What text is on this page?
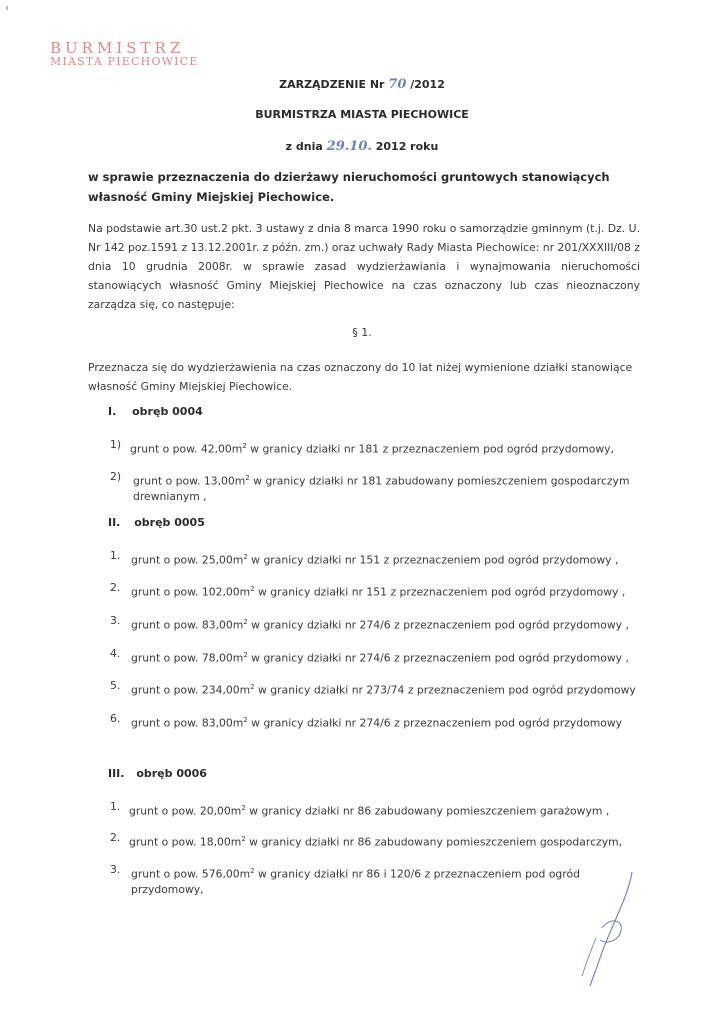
BURMISTRZ
MIASTA PIECHOWICE
ZARZĄDZENIE Nr 70 /2012
BURMISTRZA MIASTA PIECHOWICE
z dnia 29.10. 2012 roku
w sprawie przeznaczenia do dzierżawy nieruchomości gruntowych stanowiących własność Gminy Miejskiej Piechowice.
Na podstawie art.30 ust.2 pkt. 3 ustawy z dnia 8 marca 1990 roku o samorządzie gminnym (t.j. Dz. U. Nr 142 poz.1591 z 13.12.2001r. z późn. zm.) oraz uchwały Rady Miasta Piechowice: nr 201/XXXIII/08 z dnia 10 grudnia 2008r. w sprawie zasad wydzierżawiania i wynajmowania nieruchomości stanowiących własność Gminy Miejskiej Piechowice na czas oznaczony lub czas nieoznaczony zarządza się, co następuje:
§ 1.
Przeznacza się do wydzierżawienia na czas oznaczony do 10 lat niżej wymienione działki stanowiące własność Gminy Miejskiej Piechowice.
I. obręb 0004
1) grunt o pow. $42,00m^2$ w granicy działki nr 181 z przeznaczeniem pod ogród przydomowy,
2) grunt o pow. $13,00m^2$ w granicy działki nr 181 zabudowany pomieszczeniem gospodarczym
drewnianym ,
II. obręb 0005
1. grunt o pow. $25,00m^2$ w granicy działki nr 151 z przeznaczeniem pod ogród przydomowy ,
2. grunt o pow. $102,00m^2$ w granicy działki nr 151 z przeznaczeniem pod ogród przydomowy ,
3. grunt o pow. $83,00m^2$ w granicy działki nr 274/6 z przeznaczeniem pod ogród przydomowy ,
4. grunt o pow. $78,00m^2$ w granicy działki nr 274/6 z przeznaczeniem pod ogród przydomowy ,
5. grunt o pow. $234,00m^2$ w granicy działki nr 273/74 z przeznaczeniem pod ogród przydomowy
6. grunt o pow. $83,00m^2$ w granicy działki nr 274/6 z przeznaczeniem pod ogród przydomowy
III. obręb 0006
1. grunt o pow. $20,00m^2$ w granicy działki nr 86 zabudowany pomieszczeniem garażowym ,
2. grunt o pow. $18,00m^2$ w granicy działki nr 86 zabudowany pomieszczeniem gospodarczym,
3. grunt o pow. $576,00m^2$ w granicy działki nr 86 i 120/6 z przeznaczeniem pod ogród
przydomowy,
